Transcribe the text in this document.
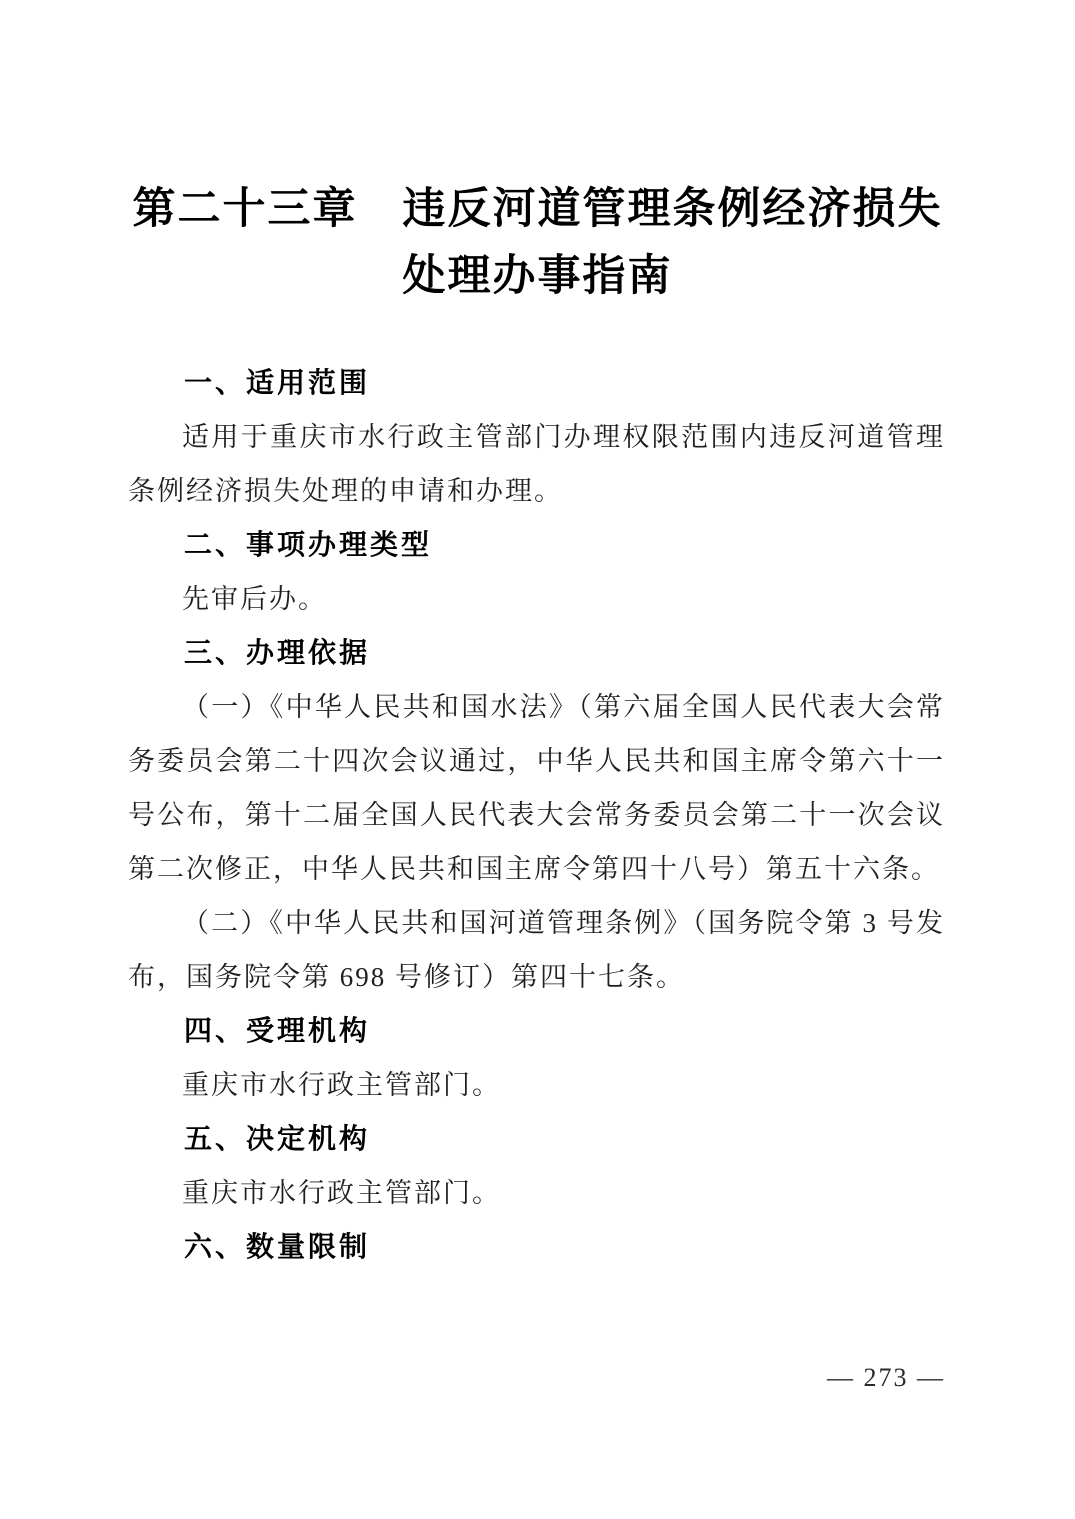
第二十三章　违反河道管理条例经济损失
处理办事指南
一、适用范围

适用于重庆市水行政主管部门办理权限范围内违反河道管理条例经济损失处理的申请和办理。

二、事项办理类型

先审后办。

三、办理依据

（一）《中华人民共和国水法》（第六届全国人民代表大会常务委员会第二十四次会议通过，中华人民共和国主席令第六十一号公布，第十二届全国人民代表大会常务委员会第二十一次会议第二次修正，中华人民共和国主席令第四十八号）第五十六条。

（二）《中华人民共和国河道管理条例》（国务院令第 3 号发布，国务院令第 698 号修订）第四十七条。

四、受理机构

重庆市水行政主管部门。

五、决定机构

重庆市水行政主管部门。

六、数量限制
— 273 —
